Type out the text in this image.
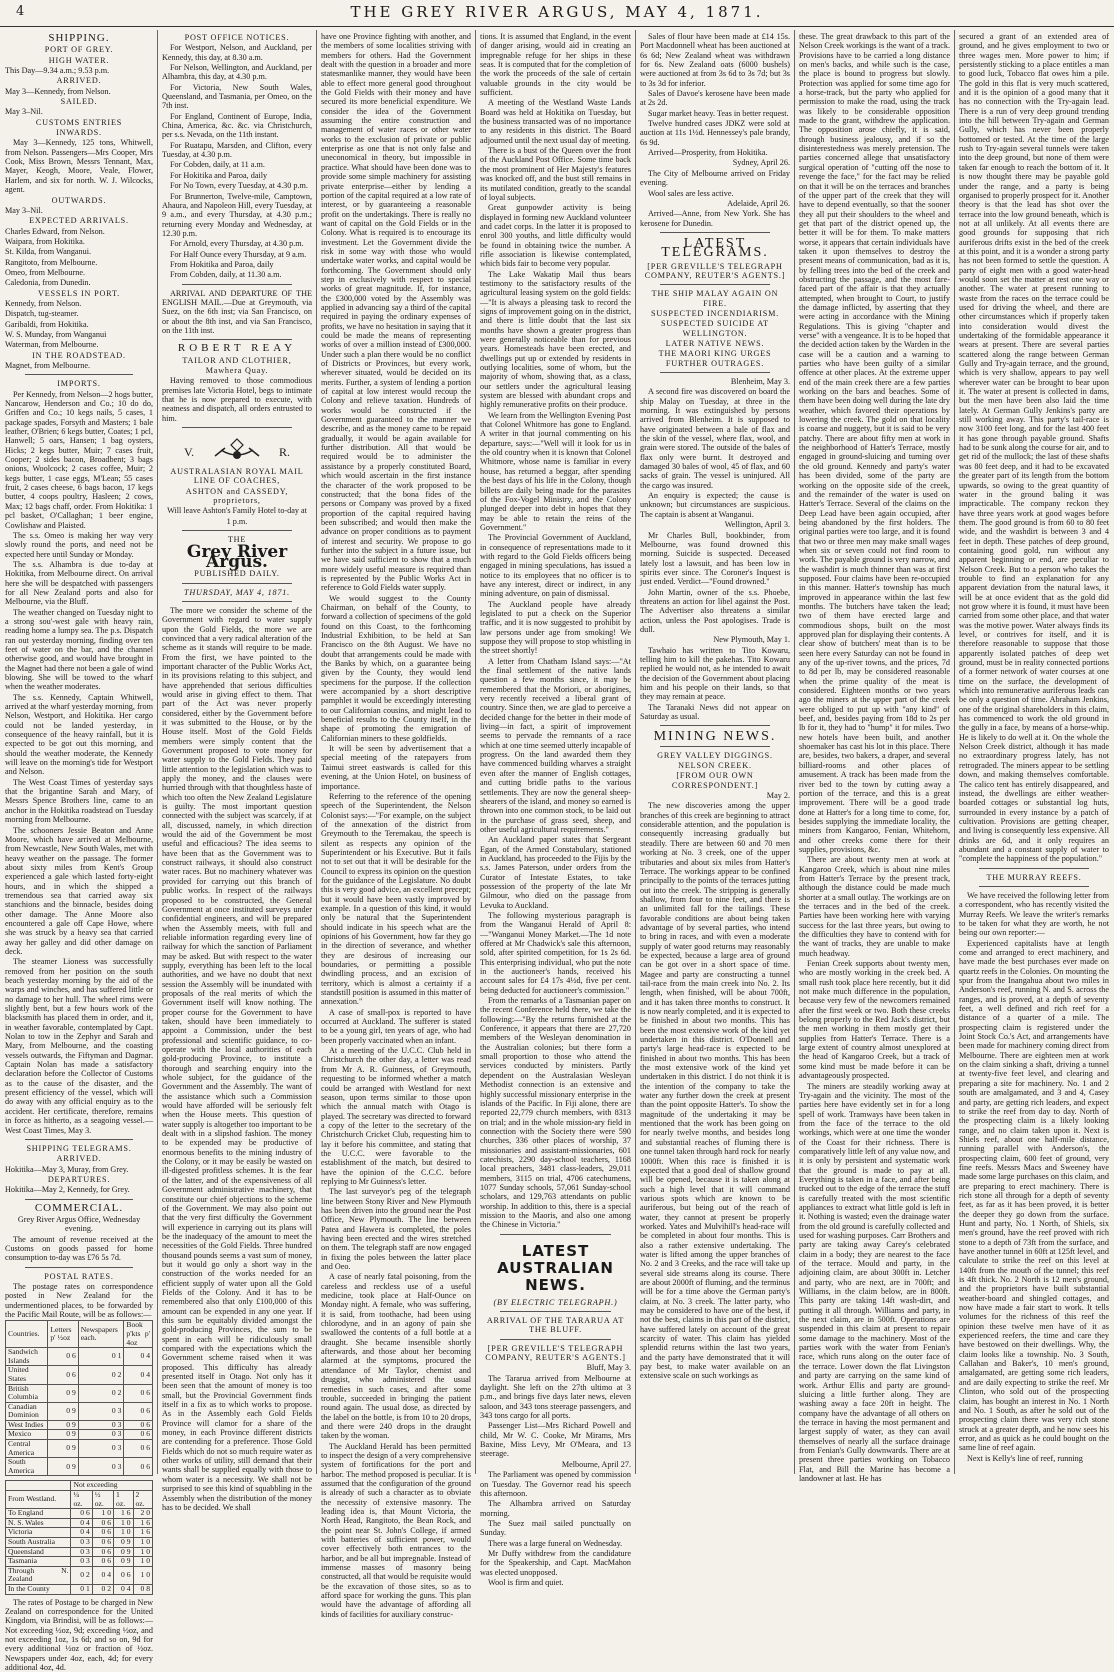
4	THE GREY RIVER ARGUS, MAY 4, 1871.
SHIPPING.
PORT OF GREY.
HIGH WATER.

This Day—9.34 a.m.; 9.53 p.m.

ARRIVED.

May 3—Kennedy, from Nelson.

SAILED.

May 3–Nil.

CUSTOMS ENTRIES
INWARDS.

May 3—Kennedy, 125 tons, Whitwell, from Nelson. Passengers—Mrs Cooper, Mrs Cook, Miss Brown, Messrs Tennant, Max, Mayer, Keogh, Moore, Veale, Flower, Harlem, and six for north. W. J. Wilcocks, agent.

OUTWARDS.

May 3–Nil.

EXPECTED ARRIVALS.

Charles Edward, from Nelson.

Waipara, from Hokitika.

St. Kilda, from Wanganui.

Rangitoto, from Melbourne.

Omeo, from Melbourne.

Caledonia, from Dunedin.

VESSELS IN PORT.

Kennedy, from Nelson.

Dispatch, tug-steamer.

Garibaldi, from Hokitika.

W. S. Munday, from Wanganui

Waterman, from Melbourne.

IN THE ROADSTEAD.

Magnet, from Melbourne.

IMPORTS.

Per Kennedy, from Nelson—2 hogs butter, Nancarow, Henderson and Co.; 10 do do, Griffen and Co.; 10 kegs nails, 5 cases, 1 package spades, Forsyth and Masters; 1 bale leather, O'Brien; 6 kegs butter, Coates; 1 pcl, Hanwell; 5 oars, Hansen; 1 bag oysters, Hicks; 2 kegs butter, Muir; 7 cases fruit, Cooper; 2 sides bacon, Broadbent; 3 bags onions, Woolcock; 2 cases coffee, Muir; 2 kegs butter, 1 case eggs, M'Lean; 55 cases fruit, 2 cases cheese, 6 bags bacon, 17 kegs butter, 4 coops poultry, Hasleen; 2 cows, Max; 12 bags chaff, order. From Hokitika: 1 pcl basket, O'Callaghan; 1 beer engine, Cowlishaw and Plaisted.

The s.s. Omeo is making her way very slowly round the ports, and need not be expected here until Sunday or Monday.

The s.s. Alhambra is due to-day at Hokitika, from Melbourne direct. On arrival here she will be despatched with passengers for all New Zealand ports and also for Melbourne, via the Bluff.

The weather changed on Tuesday night to a strong sou'-west gale with heavy rain, reading home a lumpy sea. The p.s. Dispatch ran out yesterday morning, finding over ten feet of water on the bar, and the channel otherwise good, and would have brought in the Magnet had there not been a gale of wind blowing. She will be towed to the wharf when the weather moderates.

The s.s. Kennedy, Captain Whitwell, arrived at the wharf yesterday morning, from Nelson, Westport, and Hokitika. Her cargo could not be landed yesterday, in consequence of the heavy rainfall, but it is expected to be got out this morning, and should the weather moderate, the Kennedy will leave on the morning's tide for Westport and Nelson.

The West Coast Times of yesterday says that the brigantine Sarah and Mary, of Messrs Spence Brothers line, came to an anchor in the Hokitika roadstead on Tuesday morning from Melbourne.

The schooners Jessie Beaton and Anne Moore, which have arrived at Melbourne, from Newcastle, New South Wales, met with heavy weather on the passage. The former about sixty miles from Kent's Group experienced a gale which lasted forty-eight hours, and in which the shipped a tremendous sea that carried away six stanchions and the binnacle, besides doing other damage. The Anne Moore also encountered a gale off Cape Howe, where she was struck by a heavy sea that carried away her galley and did other damage on deck.

The steamer Lioness was successfully removed from her position on the south beach yesterday morning by the aid of the warps and winches, and has suffered little or no damage to her hull. The wheel rims were slightly bent, but a few hours work of the blacksmith has placed them in order, and it, in weather favorable, contemplated by Capt. Nolan to tow in the Zephyr and Sarah and Mary, from Melbourne, and the coasting vessels outwards, the Fiftyman and Dagmar. Captain Nolan has made a satisfactory declaration before the Collector of Customs as to the cause of the disaster, and the present efficiency of the vessel, which will do away with any official enquiry as to the accident. Her certificate, therefore, remains in force as hitherto, as a seagoing vessel.—West Coast Times, May 3.

SHIPPING TELEGRAMS.
ARRIVED.

Hokitika—May 3, Muray, from Grey.

DEPARTURES.

Hokitika—May 2, Kennedy, for Grey.

COMMERCIAL.

Grey River Argus Office, Wednesday evening.

The amount of revenue received at the Customs on goods passed for home consumption to-day was £76 5s 7d.

POSTAL RATES.

The postage rates on correspondence posted in New Zealand for the undermentioned places, to be forwarded by the Pacific Mail Route, will be as follows:—

Countries.	Letters p' ½oz	Newspapers each.	Book p'kts p' 4oz
Sandwich Islands	0 6	0 1	0 4
United States	0 6	0 2	0 4
British Columbia	0 9	0 2	0 6
Canadian Dominion	0 9	0 3	0 6
West Indies	0 9	0 3	0 6
Mexico	0 9	0 3	0 6
Central America	0 9	0 3	0 6
South America	0 9	0 3	0 6
	Not exceeding			
From Westland.	¼ oz.	½ oz.	1 oz.	2 oz.
To England	0 6	1 0	1 6	2 0
N. S. Wales	0 4	0 6	1 0	1 6
Victoria	0 4	0 6	1 0	1 6
South Australia	0 3	0 6	0 9	1 0
Queensland	0 3	0 6	0 9	1 0
Tasmania	0 3	0 6	0 9	1 0
Through N. Zealand	0 2	0 4	0 6	1 0
In the County	0 1	0 2	0 4	0 8

The rates of Postage to be charged in New Zealand on correspondence for the United Kingdom, via Brindisi, will be as follows:—Not exceeding ½oz, 9d; exceeding ½oz, and not exceeding 1oz, 1s 6d; and so on, 9d for every additional ½oz or fraction of ½oz. Newspapers under 4oz, each, 4d; for every additional 4oz, 4d.

POST OFFICE NOTICES.

For Westport, Nelson, and Auckland, per Kennedy, this day, at 8.30 a.m.

For Nelson, Wellington, and Auckland, per Alhambra, this day, at 4.30 p.m.

For Victoria, New South Wales, Queensland, and Tasmania, per Omeo, on the 7th inst.

For England, Continent of Europe, India, China, America, &c. &c. via Christchurch, per s.s. Nevada, on the 11th instant.

For Ruatapu, Marsden, and Clifton, every Tuesday, at 4.30 p.m.

For Cobden, daily, at 11 a.m.

For Hokitika and Paroa, daily

For No Town, every Tuesday, at 4.30 p.m.

For Brunnerton, Twelve-mile, Camptown, Ahaura, and Napoleon Hill, every Tuesday, at 9 a.m., and every Thursday, at 4.30 p.m.; returning every Monday and Wednesday, at 12.30 p.m.

For Arnold, every Thursday, at 4.30 p.m.

For Half Ounce every Thursday, at 9 a.m.

From Hokitika and Paroa, daily

From Cobden, daily, at 11.30 a.m.

ARRIVAL AND DEPARTURE OF THE ENGLISH MAIL.—Due at Greymouth, via Suez, on the 6th inst; via San Francisco, on or about the 8th inst, and via San Francisco, on the 11th inst.

ROBERT REAY
TAILOR AND CLOTHIER,
Mawhera Quay.

Having removed to those commodious premises late Victoria Hotel, begs to intimate that he is now prepared to execute, with neatness and dispatch, all orders entrusted to him.

V.	R.
AUSTRALASIAN ROYAL MAIL LINE OF COACHES,
ASHTON and CASSEDY, proprietors,

Will leave Ashton's Family Hotel to-day at

1 p.m.

THE
Grey River Argus.
PUBLISHED DAILY.
THURSDAY, MAY 4, 1871.

The more we consider the scheme of the Government with regard to water supply upon the Gold Fields, the more we are convinced that a very radical alteration of the scheme as it stands will require to be made. From the first, we have pointed to the important character of the Public Works Act, in its provisions relating to this subject, and have apprehended that serious difficulties would arise in giving effect to them. That part of the Act was never properly considered, either by the Government before it was submitted to the House, or by the House itself. Most of the Gold Fields members were simply content that the Government proposed to vote money for water supply to the Gold Fields. They paid little attention to the legislation which was to apply the money, and the clauses were hurried through with that thoughtless haste of which too often the New Zealand Legislature is guilty. The most important question connected with the subject was scarcely, if at all, discussed, namely, in which direction would the aid of the Government be most useful and efficacious? The idea seems to have been that as the Government was to construct railways, it should also construct water races. But no machinery whatever was provided for carrying out this branch of public works. In respect of the railways proposed to be constructed, the General Government at once instituted surveys under confidential engineers, and will be prepared when the Assembly meets, with full and reliable information regarding every line of railway for which the sanction of Parliament may be asked. But with respect to the water supply, everything has been left to the local authorities, and we have no doubt that next session the Assembly will be inundated with proposals of the real merits of which the Government itself will know nothing. The proper course for the Government to have taken, should have been immediately to appoint a Commission, under the best professional and scientific guidance, to co-operate with the local authorities of each gold-producing Province, to institute a thorough and searching enquiry into the whole subject, for the guidance of the Government and the Assembly. The want of the assistance which such a Commission would have afforded will be seriously felt when the House meets. This question of water supply is altogether too important to be dealt with in a slipshod fashion. The money to be expended may be productive of enormous benefits to the mining industry of the Colony, or it may be easily be wasted on ill-digested profitless schemes. It is the fear of the latter, and of the expensiveness of all Government administrative machinery, that constitute our chief objections to the scheme of the Government. We may also point out that the very first difficulty the Government will experience in carrying out its plans will be the inadequacy of the amount to meet the necessities of the Gold Fields. Three hundred thousand pounds seems a vast sum of money, but it would go only a short way in the construction of the works needed for an efficient supply of water upon all the Gold Fields of the Colony. And it has to be remembered also that only £100,000 of this amount can be expended in any one year. If this sum be equitably divided amongst the gold-producing Provinces, the sum to be spent in each will be ridiculously small compared with the expectations which the Government scheme raised when it was proposed. This difficulty has already presented itself in Otago. Not only has it been seen that the amount of money is too small, but the Provincial Government finds itself in a fix as to which works to propose. As in the Assembly each Gold Fields Province will clamor for a share of the money, in each Province different districts are contending for a preference. Those Gold Fields which do not so much require water as other works of utility, still demand that their wants shall be supplied equally with those to whom water is a necessity. We shall not be surprised to see this kind of squabbling in the Assembly when the distribution of the money has to be decided. We shall

have one Province fighting with another, and the members of some localities striving with members for others. Had the Government dealt with the question in a broader and more statesmanlike manner, they would have been able to effect more general good throughout the Gold Fields with their money and have secured its more beneficial expenditure. We consider the idea of the Government assuming the entire construction and management of water races or other water works to the exclusion of private or public enterprise as one that is not only false and uneconomical in theory, but impossible in practice. What should have been done was to provide some simple machinery for assisting private enterprise—either by lending a portion of the capital required at a low rate of interest, or by guaranteeing a reasonable profit on the undertakings. There is really no want of capital on the Gold Fields or in the Colony. What is required is to encourage its investment. Let the Government divide the risk in some way with those who would undertake water works, and capital would be forthcoming. The Government should only step in exclusively with respect to special works of great magnitude. If, for instance, the £300,000 voted by the Assembly was applied in advancing say a third of the capital required in paying the ordinary expenses of profits, we have no hesitation in saying that it could be made the means of representing works of over a million instead of £300,000. Under such a plan there would be no conflict of Districts or Provinces, but every work, wherever situated, would be decided on its merits. Further, a system of lending a portion of capital at low interest would recoup the Colony and relieve taxation. Hundreds of works would be constructed if the Government guaranteed to the manner we describe, and as the money came to be repaid gradually, it would be again available for further distribution. All that would be required would be to administer the assistance by a properly constituted Board, which would ascertain in the first instance the character of the work proposed to be constructed; that the bona fides of the persons or Company was proved by a fixed proportion of the capital required having been subscribed; and would then make the advance on proper conditions as to payment of interest and security. We propose to go further into the subject in a future issue, but we have said sufficient to show that a much more widely useful measure is required than is represented by the Public Works Act in reference to Gold Fields water supply.

We would suggest to the County Chairman, on behalf of the County, to forward a collection of specimens of the gold found on this Coast, to the forthcoming Industrial Exhibition, to be held at San Francisco on the 8th August. We have no doubt that arrangements could be made with the Banks by which, on a guarantee being given by the County, they would lend specimens for the purpose. If the collection were accompanied by a short descriptive pamphlet it would be exceedingly interesting to our Californian cousins, and might lead to beneficial results to the County itself, in the shape of promoting the emigration of Californian miners to these goldfields.

It will be seen by advertisement that a special meeting of the ratepayers from Taimui street eastwards is called for this evening, at the Union Hotel, on business of importance.

Referring to the reference of the opening speech of the Superintendent, the Nelson Colonist says:—"For example, on the subject of the annexation of the district from Greymouth to the Teremakau, the speech is silent as respects any opinion of the Superintendent or his Executive. But it fails not to set out that it will be desirable for the Council to express its opinion on the question for the guidance of the Legislature. No doubt this is very good advice, an excellent precept; but it would have been vastly improved by example. In a question of this kind, it would only be natural that the Superintendent should indicate in his speech what are the opinions of his Government, how far they go in the direction of severance, and whether they are desirous of increasing our boundaries, or permitting a possible dwindling process, and an excision of territory, which is almost a certainty if a standstill position is assumed in this matter of annexation."

A case of small-pox is reported to have occurred at Auckland. The sufferer is stated to be a young girl, ten years of age, who had been properly vaccinated when an infant.

At a meeting of the U.C.C. Club held in Christchurch the other day, a letter was read from Mr A. R. Guinness, of Greymouth, requesting to be informed whether a match could be arranged with Westland for next season, upon terms similar to those upon which the annual match with Otago is played. The secretary was directed to forward a copy of the letter to the secretary of the Christchurch Cricket Club, requesting him to lay it before his committee, and stating that the U.C.C. were favorable to the establishment of the match, but desired to have the opinion of the C.C.C. before replying to Mr Guinness's letter.

The last surveyor's peg of the telegraph line between Stony River and New Plymouth has been driven into the ground near the Post Office, New Plymouth. The line between Patea and Hawera is completed, the poles having been erected and the wires stretched on them. The telegraph staff are now engaged in fixing the poles between the latter place and Oeo.

A case of nearly fatal poisoning, from the careless and reckless use of a useful medicine, took place at Half-Ounce on Monday night. A female, who was suffering, it is said, from toothache, had been using chlorodyne, and in an agony of pain she swallowed the contents of a full bottle at a draught. She became insensible shortly afterwards, and those about her becoming alarmed at the symptoms, procured the attendance of Mr Taylor, chemist and druggist, who administered the usual remedies in such cases, and after some trouble, succeeded in bringing the patient round again. The usual dose, as directed by the label on the bottle, is from 10 to 20 drops, and there were 240 drops in the draught taken by the woman.

The Auckland Herald has been permitted to inspect the design of a very comprehensive system of fortifications for the port and harbor. The method proposed is peculiar. It is assumed that the configuration of the ground is already of such a character as to obviate the necessity of extensive masonry. The leading idea is, that Mount Victoria, the North Head, Rangitoto, the Bean Rock, and the point near St. John's College, if armed with batteries of sufficient power, would cover effectively both entrances to the harbor, and be all but impregnable. Instead of immense masses of masonry being constructed, all that would be requisite would be the excavation of those sites, so as to afford space for working the guns. This plan would have the advantage of affording all kinds of facilities for auxiliary construc-

tions. It is assumed that England, in the event of danger arising, would aid in creating an impregnable refuge for her ships in these seas. It is computed that for the completion of the work the proceeds of the sale of certain valuable grounds in the city would be sufficient.

A meeting of the Westland Waste Lands Board was held at Hokitika on Tuesday, but the business transacted was of no importance to any residents in this district. The Board adjourned until the next usual day of meeting.

There is a bust of the Queen over the front of the Auckland Post Office. Some time back the most prominent of Her Majesty's features was knocked off, and the bust still remains in its mutilated condition, greatly to the scandal of loyal subjects.

Great gunpowder activity is being displayed in forming new Auckland volunteer and cadet corps. In the latter it is proposed to enrol 300 youths, and little difficulty would be found in obtaining twice the number. A rifle association is likewise contemplated, which bids fair to become very popular.

The Lake Wakatip Mail thus bears testimony to the satisfactory results of the agricultural leasing system on the gold fields:—"It is always a pleasing task to record the signs of improvement going on in the district, and there is little doubt that the last six months have shown a greater progress than were generally noticeable than for previous years. Homesteads have been erected, and dwellings put up or extended by residents in outlying localities, some of whom, but the majority of whom, showing that, as a class, our settlers under the agricultural leasing system are blessed with abundant crops and highly remunerative profits on their produce.

We learn from the Wellington Evening Post that Colonel Whitmore has gone to England. A writer in that journal commenting on his departure, says:—"Well will it look for us in the old country when it is known that Colonel Whitmore, whose name is familiar in every house, has returned a beggar, after spending the best days of his life in the Colony, though billets are daily being made for the parasites of the Fox-Vogel Ministry, and the Colony plunged deeper into debt in hopes that they may be able to retain the reins of the Government."

The Provincial Government of Auckland, in consequence of representations made to it with regard to the Gold Fields officers being engaged in mining speculations, has issued a notice to its employees that no officer is to have any interest, direct or indirect, in any mining adventure, on pain of dismissal.

The Auckland people have already legislated to put a check on the Superior traffic, and it is now suggested to prohibit by law persons under age from smoking! We suppose they will propose to stop whistling in the street shortly!

A letter from Chatham Island says:—"At the final settlement of the native lands question a few months since, it may be remembered that the Moriori, or aborigines, very recently received a liberal grant of country. Since then, we are glad to perceive a decided change for the better in their mode of living—in fact, a spirit of improvement seems to pervade the remnants of a race which at one time seemed utterly incapable of progress. On the land awarded them they have commenced building wharves a straight even after the manner of English cottages, and cutting bridle paths to the various settlements. They are now the general sheep-shearers of the island, and money so earned is thrown into one common stock, to be laid out in the purchase of grass seed, sheep, and other useful agricultural requirements."

An Auckland paper states that Sergeant Egan, of the Armed Constabulary, stationed in Auckland, has proceeded to the Fijis by the s.s. James Paterson, under orders from the Curator of Intestate Estates, to take possession of the property of the late Mr Gilmour, who died on the passage from Levuka to Auckland.

The following mysterious paragraph is from the Wanganui Herald of April 8:—"Wanganui Money Market.—The 1d note offered at Mr Chadwick's sale this afternoon, sold, after spirited competition, for 1s 2s 6d. This enterprising individual, who put the note in the auctioneer's hands, received his account sales for £4 17s 4½d, five per cent. being deducted for auctioneer's commission."

From the remarks of a Tasmanian paper on the recent Conference held there, we take the following:—"By the returns furnished at the Conference, it appears that there are 27,720 members of the Wesleyan denomination in the Australian colonies; but there form a small proportion to those who attend the services conducted by ministers. Partly dependent on the Australasian Wesleyan Methodist connection is an extensive and highly successful missionary enterprise in the islands of the Pacific. In Fiji alone, there are reported 22,779 church members, with 8313 on trial; and in the whole mission-ary field in connection with the Society there were 590 churches, 336 other places of worship, 37 missionaries and assistant-missionaries, 601 catechists, 2290 day-school teachers, 1168 local preachers, 3481 class-leaders, 29,011 members, 3115 on trial, 4706 catechumens, 1077 Sunday schools, 57,061 Sunday-school scholars, and 129,763 attendants on public worship. In addition to this, there is a special mission to the Maoris, and also one among the Chinese in Victoria."

LATEST AUSTRALIAN NEWS.
(BY ELECTRIC TELEGRAPH.)
ARRIVAL OF THE TARARUA AT THE BLUFF.
[PER GREVILLE'S TELEGRAPH COMPANY, REUTER'S AGENTS.]

Bluff, May 3.

The Tararua arrived from Melbourne at daylight. She left on the 27th ultimo at 3 p.m., and brings five days later news, eleven saloon, and 343 tons steerage passengers, and 343 tons cargo for all ports.

Passenger List—Mrs Richard Powell and child, Mr W. C. Cooke, Mr Mirams, Mrs Baxine, Miss Levy, Mr O'Meara, and 13 steerage.

Melbourne, April 27.

The Parliament was opened by commission on Tuesday. The Governor read his speech this afternoon.

The Alhambra arrived on Saturday morning.

The Suez mail sailed punctually on Sunday.

There was a large funeral on Wednesday.

Mr Duffy withdrew from the candidature for the Speakership, and Capt. MacMahon was elected unopposed.

Wool is firm and quiet.

Sales of flour have been made at £14 15s. Port Macdonnell wheat has been auctioned at 6s 6d; New Zealand wheat was withdrawn for 6s. New Zealand oats (6000 bushels) were auctioned at from 3s 6d to 3s 7d; but 3s to 3s 3d for inferior.

Sales of Davoe's kerosene have been made at 2s 2d.

Sugar market heavy. Teas in better request.

Twelve hundred cases JDKZ were sold at auction at 11s 1½d. Hennessey's pale brandy, 6s 9d.

Arrived—Prosperity, from Hokitika.

Sydney, April 26.

The City of Melbourne arrived on Friday evening.

Wool sales are less active.

Adelaide, April 26.

Arrived—Anne, from New York. She has kerosene for Dunedin.

LATEST TELEGRAMS.
[PER GREVILLE'S TELEGRAPH COMPANY, REUTER'S AGENTS.]
THE SHIP MALAY AGAIN ON FIRE.
SUSPECTED INCENDIARISM.
SUSPECTED SUICIDE AT WELLINGTON.
LATER NATIVE NEWS.
THE MAORI KING URGES FURTHER OUTRAGES.

Blenheim, May 3.

A second fire was discovered on board the ship Malay on Tuesday, at three in the morning. It was extinguished by persons arrived from Blenheim. It is supposed to have originated between a bale of flax and the skin of the vessel, where flax, wool, and grain were stored. The outside of the bales of flax only were burnt. It destroyed and damaged 30 bales of wool, 45 of flax, and 60 sacks of grain. The vessel is uninjured. All the cargo was insured.

An enquiry is expected; the cause is unknown; but circumstances are suspicious. The captain is absent at Wanganui.

Wellington, April 3.

Mr Charles Bull, bookbinder, from Melbourne, was found drowned this morning. Suicide is suspected. Deceased lately lost a lawsuit, and has been low in spirits ever since. The Coroner's Inquest is just ended. Verdict—"Found drowned."

John Martin, owner of the s.s. Phoebe, threatens an action for libel against the Post. The Advertiser also threatens a similar action, unless the Post apologises. Trade is dull.

New Plymouth, May 1.

Tawhaio has written to Tito Kowaru, telling him to kill the pakehas. Tito Kowaru replied he would not, as he intended to await the decision of the Government about placing him and his people on their lands, so that they may remain at peace.

The Taranaki News did not appear on Saturday as usual.

MINING NEWS.
GREY VALLEY DIGGINGS.
NELSON CREEK.
[FROM OUR OWN CORRESPONDENT.]

May 2.

The new discoveries among the upper branches of this creek are beginning to attract considerable attention, and the population is consequently increasing gradually but steadily. There are between 60 and 70 men working at No. 3 creek, one of the upper tributaries and about six miles from Hatter's Terrace. The workings appear to be confined principally to the points of the terraces jutting out into the creek. The stripping is generally shallow, from four to nine feet, and there is an unlimited fall for the tailings. These favorable conditions are about being taken advantage of by several parties, who intend to bring in races, and with even a moderate supply of water good returns may reasonably be expected, because a large area of ground can be got over in a short space of time. Magee and party are constructing a tunnel tail-race from the main creek into No. 2. Its length, when finished, will be about 700ft, and it has taken three months to construct. It is now nearly completed, and it is expected to be finished in about two months. This has been the most extensive work of the kind yet undertaken in this district. O'Donnell and party's large head-race is expected to be finished in about two months. This has been the most extensive work of the kind yet undertaken in this district. I do not think it is the intention of the company to take the water any further down the creek at present than the point opposite Hatter's. To show the magnitude of the undertaking it may be mentioned that the work has been going on for nearly twelve months, and besides long and substantial reaches of fluming there is one tunnel taken through hard rock for nearly 1000ft. When this race is finished it is expected that a good deal of shallow ground will be opened, because it is taken along at such a high level that it will command various spots which are known to be auriferous, but being out of the reach of water, they cannot at present be properly worked. Yates and Mulvihill's head-race will be completed in about four months. This is also a rather extensive undertaking. The water is lifted among the upper branches of No. 2 and 3 Creeks, and the race will take up several side streams along its course. There are about 2000ft of fluming, and the terminus will be for a time above the German party's claim, at No. 3 creek. The latter party, who may be considered to have one of the best, if not the best, claims in this part of the district, have suffered lately on account of the great scarcity of water. This claim has yielded splendid returns within the last two years, and the party have demonstrated that it will pay best, to make water available on an extensive scale on such workings as

these. The great drawback to this part of the Nelson Creek workings is the want of a track. Provisions have to be carried a long distance on men's backs, and while such is the case, the place is bound to progress but slowly. Protection was applied for some time ago for a horse-track, but the party who applied for permission to make the road, using the track was likely to be considerable opposition made to the grant, withdrew the application. The opposition arose chiefly, it is said, through business jealousy, and if so the disinterestedness was merely pretension. The parties concerned allege that unsatisfactory surgical operation of "cutting off the nose to revenge the face," for the fact may be relied on that it will be on the terraces and branches of the upper part of the creek that they will have to depend eventually, so that the sooner they all put their shoulders to the wheel and get that part of the district opened up, the better it will be for them. To make matters worse, it appears that certain individuals have taken it upon themselves to destroy the present means of communication, bad as it is, by felling trees into the bed of the creek and obstructing the passage, and the most fare-faced part of the affair is that they actually attempted, when brought to Court, to justify the damage inflicted, by asserting that they were acting in accordance with the Mining Regulations. This is giving "chapter and verse" with a vengeance. It is to be hoped that the decided action taken by the Warden in the case will be a caution and a warning to parties who have been guilty of a similar offence at other places. At the extreme upper end of the main creek there are a few parties working on the bars and beaches. Some of them have been doing well during the late dry weather, which favored their operations by lowering the creek. The gold on that locality is coarse and nuggety, but it is said to be very patchy. There are about fifty men at work in the neighborhood of Hatter's Terrace, mostly engaged in ground-sluicing and turning over the old ground. Kennedy and party's water has been divided, some of the party are working on the opposite side of the creek, and the remainder of the water is used on Hatter's Terrace. Several of the claims on the Deep Lead have been again occupied, after being abandoned by the first holders. The original parties were too large, and it is found that two or three men may make small wages when six or seven could not find room to work. The payable ground is very narrow, and the washdirt is much thinner than was at first supposed. Four claims have been re-occupied in this manner. Hatter's township has much improved in appearance within the last few months. The butchers have taken the lead; two of them have erected large and commodious shops, built on the most approved plan for displaying their contents. A clear show of butchers' meat than is to be seen here every Saturday can not be found in any of the up-river towns, and the prices, 7d to 8d per lb, may be considered reasonable when the prime quality of the meat is considered. Eighteen months or two years ago the miners at the upper part of the creek were obliged to put up with "any kind" of beef, and, besides paying from 18d to 2s per lb for it, they had to "hump" it for miles. Two new hotels have been built, and another shoemaker has cast his lot in this place. There are, besides, two bakers, a draper, and several billiard-rooms and other places of amusement. A track has been made from the river bed to the town by cutting away a portion of the terrace, and this is a great improvement. There will be a good trade done at Hatter's for a long time to come, for, besides supplying the immediate locality, the miners from Kangaroo, Fenian, Whitehorn, and other creeks come there for their supplies, provisions, &c.

There are about twenty men at work at Kangaroo Creek, which is about nine miles from Hatter's Terrace by the present track, although the distance could be made much shorter at a small outlay. The workings are on the terraces and in the bed of the creek. Parties have been working here with varying success for the last three years, but owing to the difficulties they have to contend with for the want of tracks, they are unable to make much headway.

Fenian Creek supports about twenty men, who are mostly working in the creek bed. A small rush took place here recently, but it did not make much difference in the population, because very few of the newcomers remained after the first week or two. Both these creeks belong properly to the Red Jack's district, but the men working in them mostly get their supplies from Hatter's Terrace. There is a large extent of country almost unexplored at the head of Kangaroo Creek, but a track of some kind must be made before it can be advantageously prospected.

The miners are steadily working away at Try-again and the vicinity. The most of the parties here have evidently set in for a long spell of work. Tramways have been taken in from the face of the terrace to the old workings, which were at one time the wonder of the Coast for their richness. There is comparatively little left of any value now, and it is only by persistent and systematic work that the ground is made to pay at all. Everything is taken in a face, and after being trucked out to the edge of the terrace the stuff is carefully treated with the most scientific appliances to extract what little gold is left in it. Nothing is wasted; even the drainage water from the old ground is carefully collected and used for washing purposes. Carr Brothers and party are taking away Carey's celebrated claim in a body; they are nearest to the face of the terrace. Mould and party, in the adjoining claim, are about 300ft in. Letcher and party, who are next, are in 700ft; and Williams, in the claim below, are in 800ft. This party are taking 14ft wash-dirt, and putting it all through. Williams and party, in the next claim, are in 500ft. Operations are suspended in this claim at present to repair some damage to the machinery. Most of the parties work with the water from Fenian's race, which runs along on the outer face of the terrace. Lower down the flat Livingston and party are carrying on the same kind of work. Arthur Ellis and party are ground-sluicing a little further along. They are washing away a face 20ft in height. The company have the advantage of all others on the terrace in having the most permanent and largest supply of water, as they can avail themselves of nearly all the surface drainage from Fenian's Gully downwards. There are at present three parties working on Tobacco Flat, and Bill the Marine has become a landowner at last. He has

secured a grant of an extended area of ground, and he gives employment to two or three wages men. More power to him; if persistently sticking to a place entitles a man to good luck, Tobacco flat owes him a pile. The gold in this flat is very much scattered, and it is the opinion of a good many that it has no connection with the Try-again lead. There is a run of very deep ground trending into the hill between Try-again and German Gully, which has never been properly bottomed or tested. At the time of the large rush to Try-again several tunnels were taken into the deep ground, but none of them were taken far enough to reach the bottom of it. It is now thought there may be payable gold under the range, and a party is being organised to properly prospect for it. Another theory is that the lead has shot over the terrace into the low ground beneath, which is not at all unlikely. At all events there are good grounds for supposing that rich auriferous drifts exist in the bed of the creek at this point, and it is a wonder a strong party has not been formed to settle the question. A party of eight men with a good water-head would soon set the matter at rest one way or another. The water at present running to waste from the races on the terrace could be used for driving the wheel, and there are other circumstances which if properly taken into consideration would divest the undertaking of the formidable appearance it wears at present. There are several parties scattered along the range between German Gully and Try-again terrace, and the ground, which is very shallow, appears to pay well wherever water can be brought to bear upon it. The water at present is collected in dams, but the men have been also laid the time lately. At German Gully Jenkins's party are still working away. This party's tail-race is now 3100 feet long, and for the last 400 feet it has gone through payable ground. Shafts had to be sunk along the course for air, and to get rid of the mullock; the last of these shafts was 80 feet deep, and it had to be excavated the greater part of its length from the bottom upwards, so owing to the great quantity of water in the ground baling it was impracticable. The company reckon they have three years work at good wages before them. The good ground is from 60 to 80 feet wide, and the washdirt is between 3 and 4 feet in depth. These patches of deep ground, containing good gold, run without any apparent beginning or end, are peculiar to Nelson Creek. But to a person who takes the trouble to find an explanation for any apparent deviation from the natural laws, it will be at once evident that as the gold did not grow where it is found, it must have been carried from some other place, and that water was the motive power. Water always finds its level, or contrives for itself, and it is therefore reasonable to suppose that those apparently isolated patches of deep wet ground, must be in reality connected portions of a former network of water courses at one time on the surface, the development of which into remunerative auriferous leads can be only a question of time. Abraham Jenkins, one of the original shareholders in this claim, has commenced to work the old ground in the gully in a face, by means of a horse-whip. He is likely to do well at it. On the whole the Nelson Creek district, although it has made no extraordinary progress lately, has not retrograded. The miners appear to be settling down, and making themselves comfortable. The calico tent has entirely disappeared, and instead, the dwellings are either weather-boarded cottages or substantial log huts, surrounded in every instance by a patch of cultivation. Provisions are getting cheaper, and living is consequently less expensive. All drinks are 6d, and it only requires an abundant and a constant supply of water to "complete the happiness of the population."

THE MURRAY REEFS.

We have received the following letter from a correspondent, who has recently visited the Murray Reefs. We leave the writer's remarks to be taken for what they are worth, he not being our own reporter:—

Experienced capitalists have at length come and arranged to erect machinery, and have made the best purchases ever made on quartz reefs in the Colonies. On mounting the spur from the Inangahua about two miles in Anderson's reef, running N. and S. across the ranges, and is proved, at a depth of seventy feet, a well defined and rich reef for a distance of a quarter of a mile. The prospecting claim is registered under the Joint Stock Co.'s Act, and arrangements have been made for machinery coming direct from Melbourne. There are eighteen men at work on the claim sinking a shaft, driving a tunnel at twenty-five feet level, and clearing and preparing a site for machinery. No. 1 and 2 south are amalgamated, and 3 and 4, Casey and party, are getting rich leaders, and expect to strike the reef from day to day. North of the prospecting claim is a likely looking range, and no claim taken upon it. Next is Shiels reef, about one half-mile distance, running parallel with Anderson's, the prospecting claim, 600 feet of ground, very fine reefs. Messrs Macs and Sweeney have made some large purchases on this claim, and are preparing to erect machinery. There is rich stone all through for a depth of seventy feet, as far as it has been proved, it is better the deeper they go down from the surface. Hunt and party, No. 1 North, of Shiels, six men's ground, have the reef proved with rich stone to a depth of 73ft from the surface, and have another tunnel in 60ft at 125ft level, and calculate to strike the reef on this level at 140ft from the mouth of the tunnel; this reef is 4ft thick. No. 2 North is 12 men's ground, and the proprietors have built substantial weather-board and shingled cottages, and now have made a fair start to work. It tells volumes for the richness of this reef the opinion these twelve men have of it as experienced reefers, the time and care they have bestowed on their dwellings. Why, the claim looks like a township. No. 3 South, Callahan and Baker's, 10 men's ground, amalgamated, are getting some rich leaders, and are daily expecting to strike the reef. Mr Clinton, who sold out of the prospecting claim, has bought an interest in No. 1 North and No. 1 South, as after he sold out of the prospecting claim there was very rich stone struck at a greater depth, and he now sees his error, and as quick as he could bought on the same line of reef again.

Next is Kelly's line of reef, running
